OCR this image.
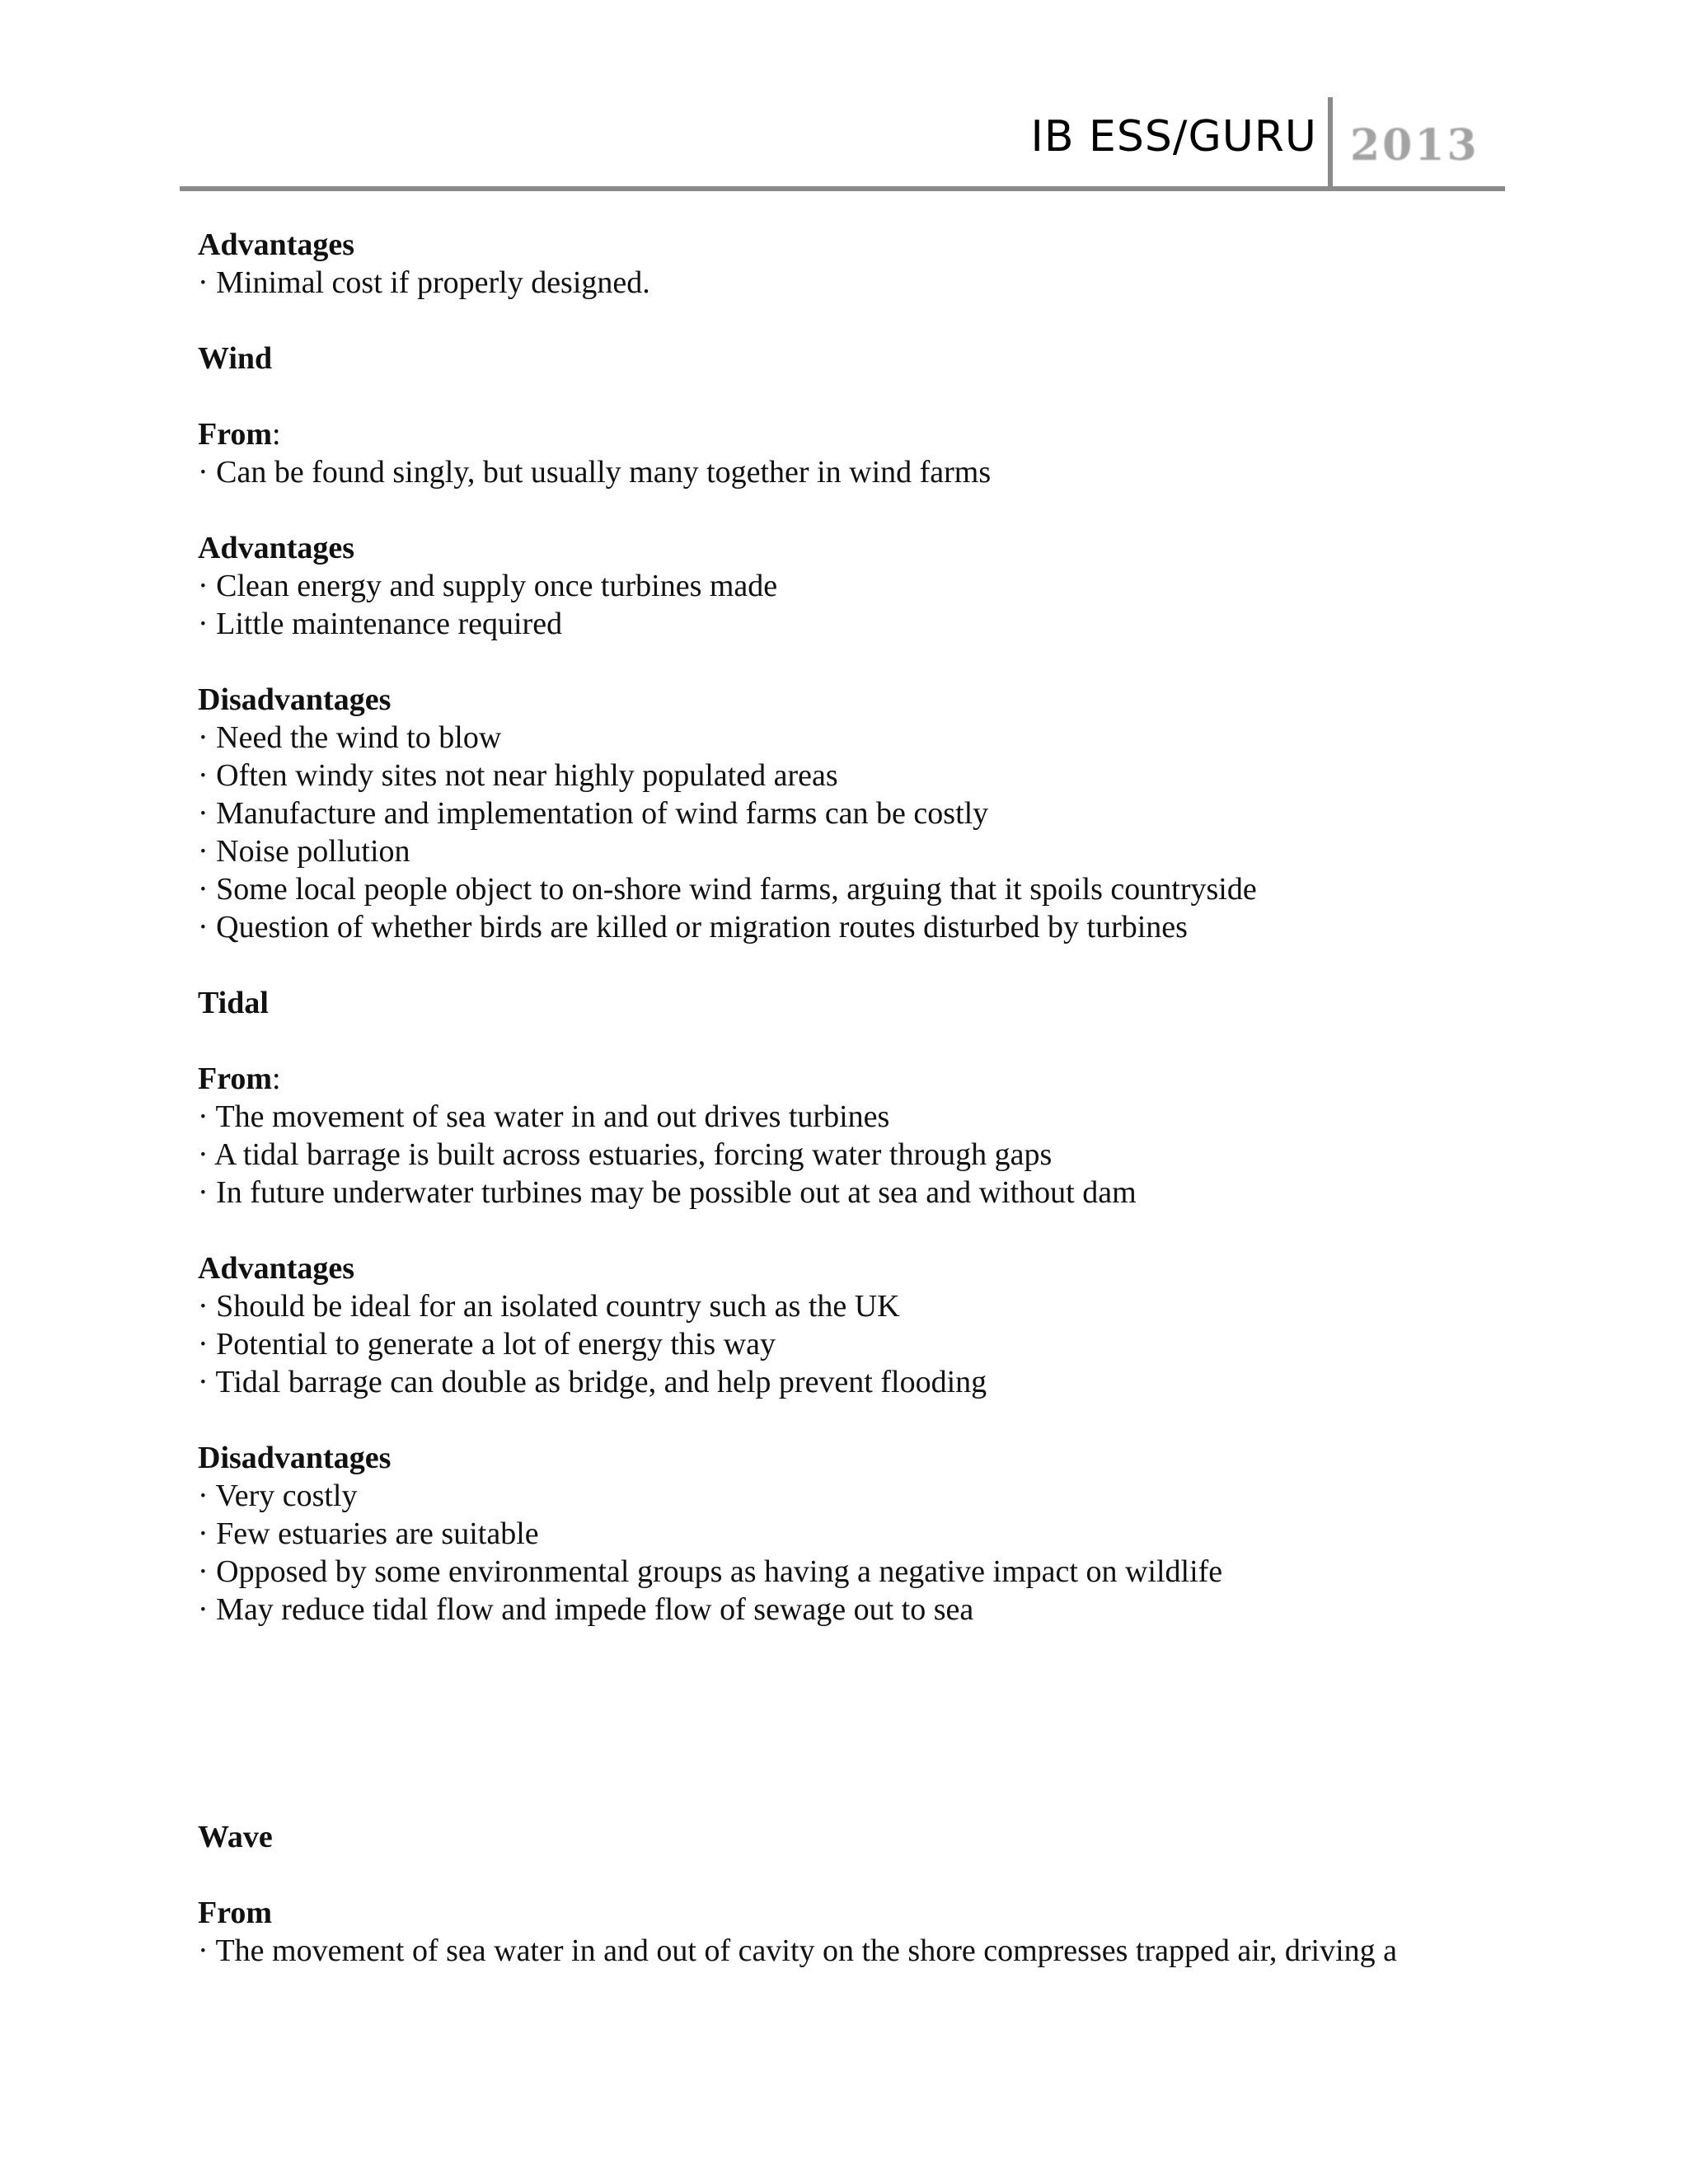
IB ESS/GURU 2013
Advantages
· Minimal cost if properly designed.
Wind
From:
· Can be found singly, but usually many together in wind farms
Advantages
· Clean energy and supply once turbines made
· Little maintenance required
Disadvantages
· Need the wind to blow
· Often windy sites not near highly populated areas
· Manufacture and implementation of wind farms can be costly
· Noise pollution
· Some local people object to on-shore wind farms, arguing that it spoils countryside
· Question of whether birds are killed or migration routes disturbed by turbines
Tidal
From:
· The movement of sea water in and out drives turbines
· A tidal barrage is built across estuaries, forcing water through gaps
· In future underwater turbines may be possible out at sea and without dam
Advantages
· Should be ideal for an isolated country such as the UK
· Potential to generate a lot of energy this way
· Tidal barrage can double as bridge, and help prevent flooding
Disadvantages
· Very costly
· Few estuaries are suitable
· Opposed by some environmental groups as having a negative impact on wildlife
· May reduce tidal flow and impede flow of sewage out to sea
Wave
From
· The movement of sea water in and out of cavity on the shore compresses trapped air, driving a
